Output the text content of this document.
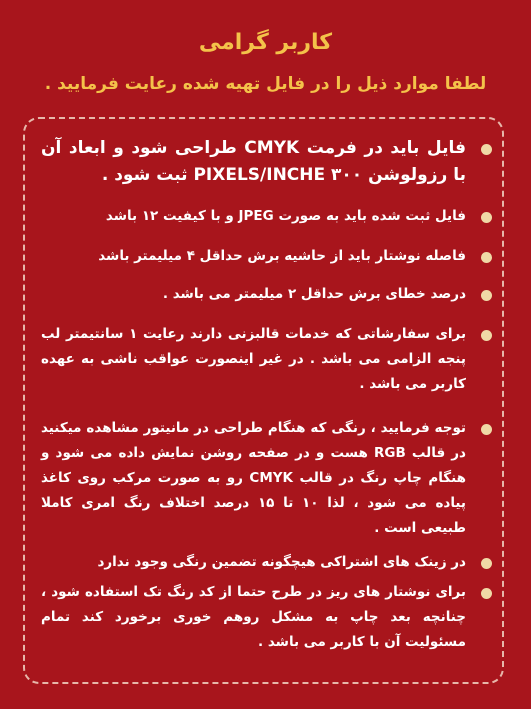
کاربر گرامی
لطفا موارد ذیل را در فایل تهیه شده رعایت فرمایید .
فایل باید در فرمت CMYK طراحی شود و ابعاد آن با رزولوشن ۳۰۰ PIXELS/INCHE ثبت شود .
فایل ثبت شده باید به صورت JPEG و با کیفیت ۱۲ باشد
فاصله نوشتار باید از حاشیه برش حداقل ۴ میلیمتر باشد
درصد خطای برش حداقل ۲ میلیمتر می باشد .
برای سفارشاتی که خدمات قالبزنی دارند رعایت ۱ سانتیمتر لب پنجه الزامی می باشد . در غیر اینصورت عواقب ناشی به عهده کاربر می باشد .
توجه فرمایید ، رنگی که هنگام طراحی در مانیتور مشاهده میکنید در قالب RGB هست و در صفحه روشن نمایش داده می شود و هنگام چاپ رنگ در قالب CMYK رو به صورت مرکب روی کاغذ پیاده می شود ، لذا ۱۰ تا ۱۵ درصد اختلاف رنگ امری کاملا طبیعی است .
در زینک های اشتراکی هیچگونه تضمین رنگی وجود ندارد
برای نوشتار های ریز در طرح حتما از کد رنگ تک استفاده شود ، چنانچه بعد چاپ به مشکل روهم خوری برخورد کند تمام مسئولیت آن با کاربر می باشد .
